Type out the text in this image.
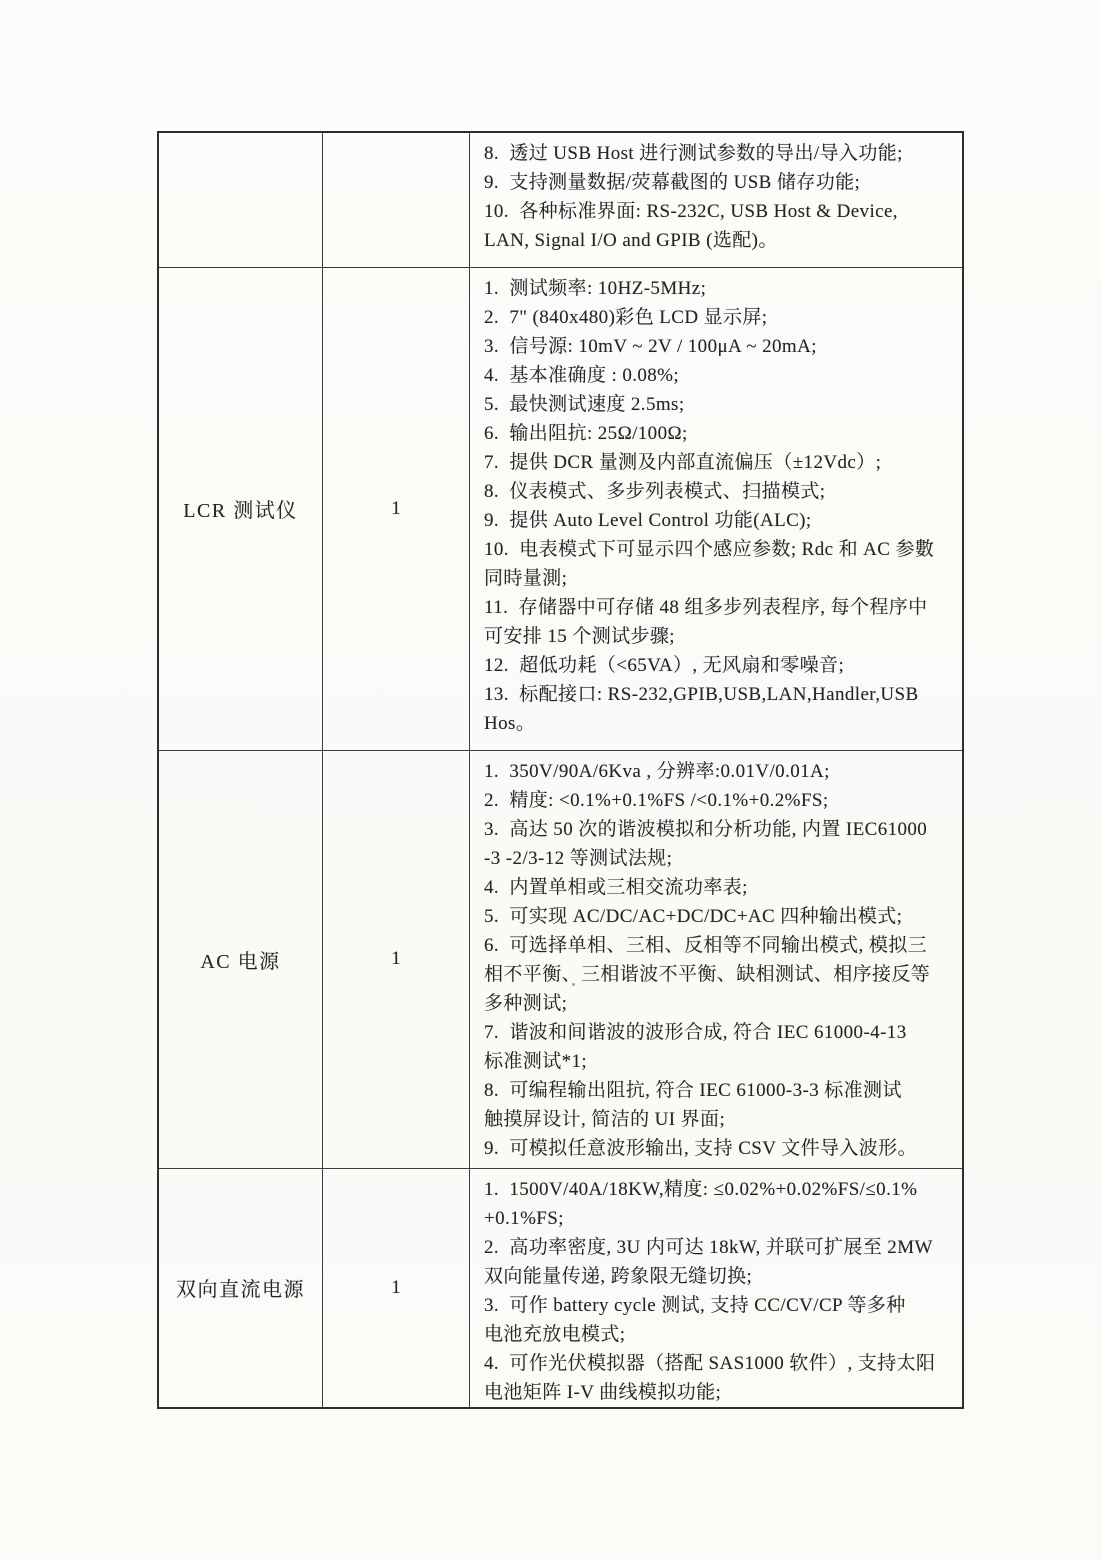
		8.  透过 USB Host 进行测试参数的导出/导入功能;
9.  支持测量数据/荧幕截图的 USB 储存功能;
10.  各种标准界面: RS-232C, USB Host & Device,
LAN, Signal I/O and GPIB (选配)。

LCR 测试仪	1	
1.  测试频率: 10HZ-5MHz;
2.  7" (840x480)彩色 LCD 显示屏;
3.  信号源: 10mV ~ 2V / 100μA ~ 20mA;
4.  基本准确度 : 0.08%;
5.  最快测试速度 2.5ms;
6.  输出阻抗: 25Ω/100Ω;
7.  提供 DCR 量测及内部直流偏压（±12Vdc）;
8.  仪表模式、多步列表模式、扫描模式;
9.  提供 Auto Level Control 功能(ALC);
10.  电表模式下可显示四个感应参数; Rdc 和 AC 参數
同時量測;
11.  存储器中可存储 48 组多步列表程序, 每个程序中
可安排 15 个测试步骤;
12.  超低功耗（<65VA）, 无风扇和零噪音;
13.  标配接口: RS-232,GPIB,USB,LAN,Handler,USB
Hos。

AC 电源	1	
1.  350V/90A/6Kva , 分辨率:0.01V/0.01A;
2.  精度: <0.1%+0.1%FS /<0.1%+0.2%FS;
3.  高达 50 次的谐波模拟和分析功能, 内置 IEC61000
-3 -2/3-12 等测试法规;
4.  内置单相或三相交流功率表;
5.  可实现 AC/DC/AC+DC/DC+AC 四种输出模式;
6.  可选择单相、三相、反相等不同输出模式, 模拟三
相不平衡、三相谐波不平衡、缺相测试、相序接反等
多种测试;
7.  谐波和间谐波的波形合成, 符合 IEC 61000-4-13
标准测试*1;
8.  可编程输出阻抗, 符合 IEC 61000-3-3 标准测试
触摸屏设计, 简洁的 UI 界面;
9.  可模拟任意波形输出, 支持 CSV 文件导入波形。

双向直流电源	1	
1.  1500V/40A/18KW,精度: ≤0.02%+0.02%FS/≤0.1%
+0.1%FS;
2.  高功率密度, 3U 内可达 18kW, 并联可扩展至 2MW
双向能量传递, 跨象限无缝切换;
3.  可作 battery cycle 测试, 支持 CC/CV/CP 等多种
电池充放电模式;
4.  可作光伏模拟器（搭配 SAS1000 软件）, 支持太阳
电池矩阵 I-V 曲线模拟功能;
